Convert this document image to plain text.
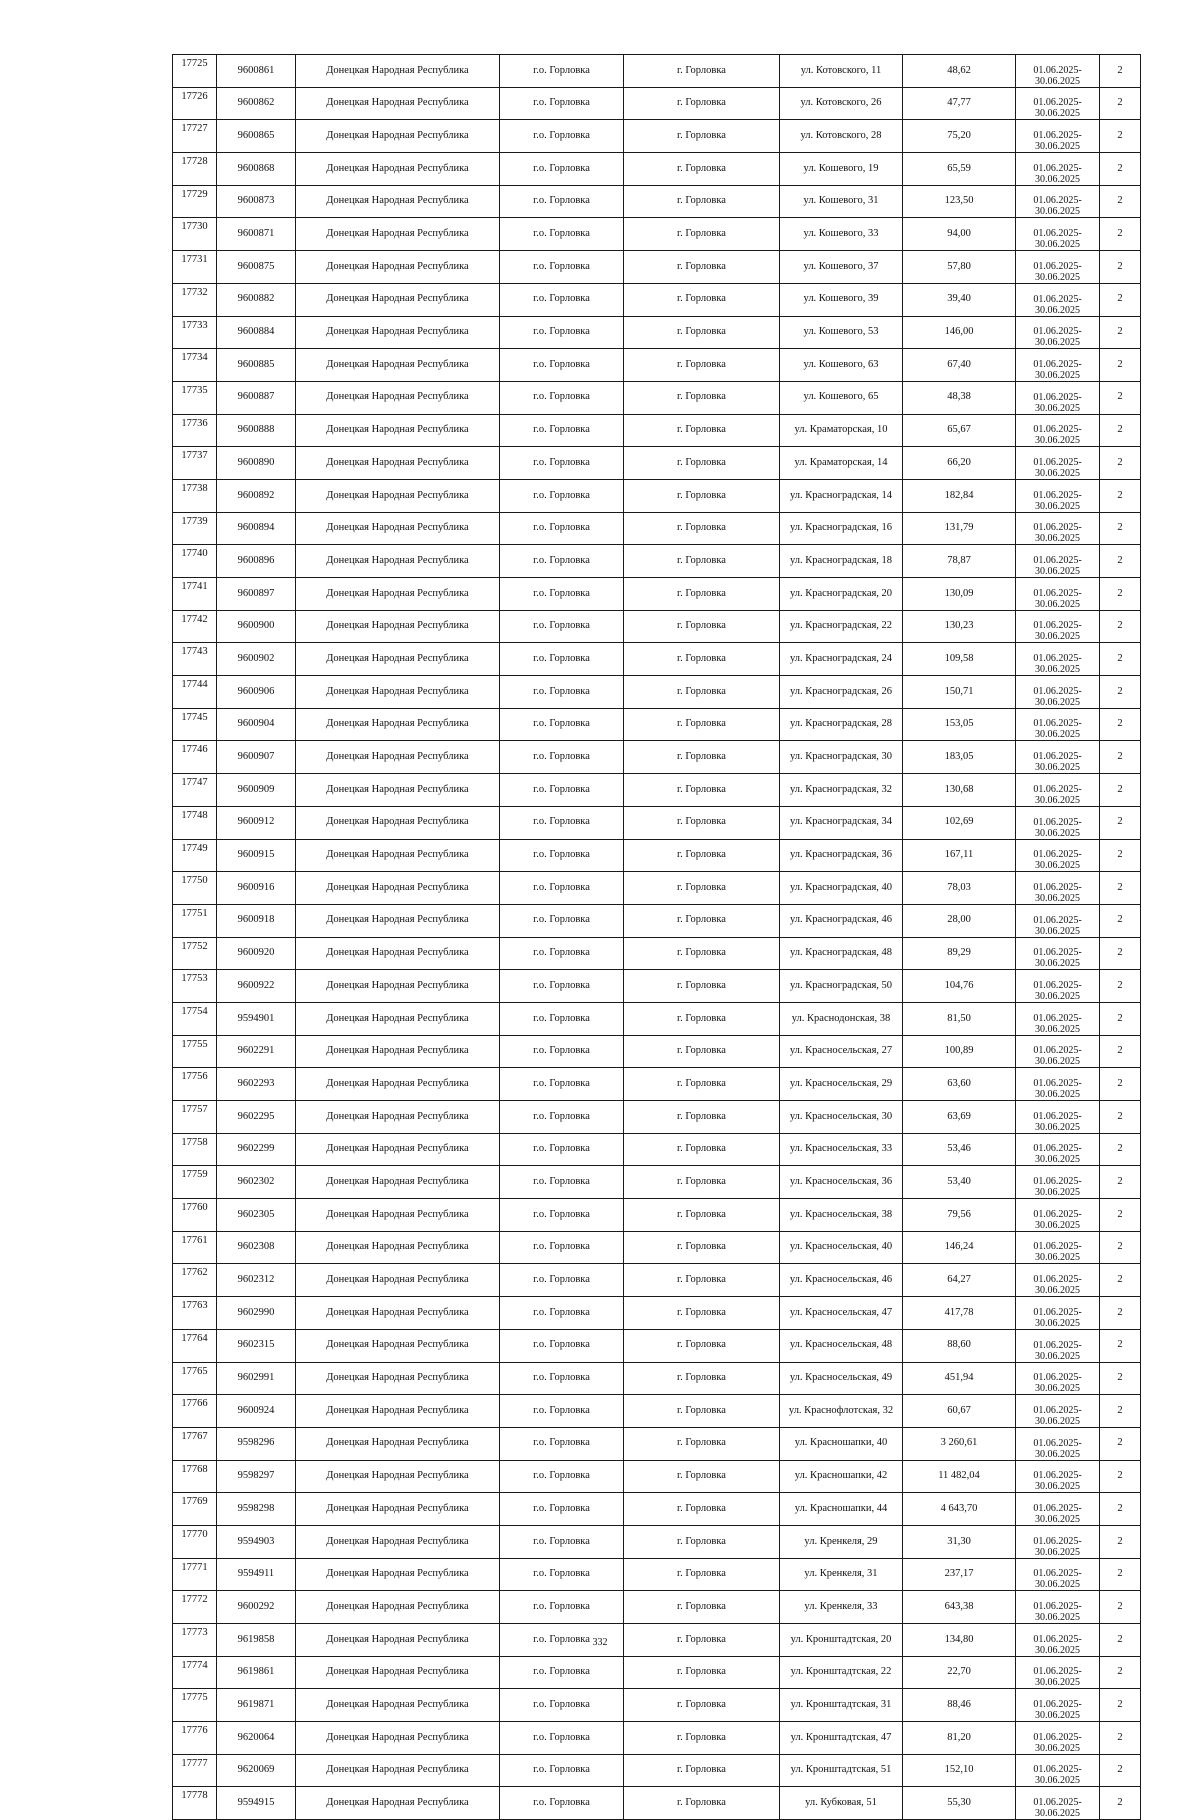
17725	9600861	Донецкая Народная Республика	г.о. Горловка	г. Горловка	ул. Котовского, 11	48,62	01.06.2025-
30.06.2025	2
17726	9600862	Донецкая Народная Республика	г.о. Горловка	г. Горловка	ул. Котовского, 26	47,77	01.06.2025-
30.06.2025	2
17727	9600865	Донецкая Народная Республика	г.о. Горловка	г. Горловка	ул. Котовского, 28	75,20	01.06.2025-
30.06.2025	2
17728	9600868	Донецкая Народная Республика	г.о. Горловка	г. Горловка	ул. Кошевого, 19	65,59	01.06.2025-
30.06.2025	2
17729	9600873	Донецкая Народная Республика	г.о. Горловка	г. Горловка	ул. Кошевого, 31	123,50	01.06.2025-
30.06.2025	2
17730	9600871	Донецкая Народная Республика	г.о. Горловка	г. Горловка	ул. Кошевого, 33	94,00	01.06.2025-
30.06.2025	2
17731	9600875	Донецкая Народная Республика	г.о. Горловка	г. Горловка	ул. Кошевого, 37	57,80	01.06.2025-
30.06.2025	2
17732	9600882	Донецкая Народная Республика	г.о. Горловка	г. Горловка	ул. Кошевого, 39	39,40	01.06.2025-
30.06.2025	2
17733	9600884	Донецкая Народная Республика	г.о. Горловка	г. Горловка	ул. Кошевого, 53	146,00	01.06.2025-
30.06.2025	2
17734	9600885	Донецкая Народная Республика	г.о. Горловка	г. Горловка	ул. Кошевого, 63	67,40	01.06.2025-
30.06.2025	2
17735	9600887	Донецкая Народная Республика	г.о. Горловка	г. Горловка	ул. Кошевого, 65	48,38	01.06.2025-
30.06.2025	2
17736	9600888	Донецкая Народная Республика	г.о. Горловка	г. Горловка	ул. Краматорская, 10	65,67	01.06.2025-
30.06.2025	2
17737	9600890	Донецкая Народная Республика	г.о. Горловка	г. Горловка	ул. Краматорская, 14	66,20	01.06.2025-
30.06.2025	2
17738	9600892	Донецкая Народная Республика	г.о. Горловка	г. Горловка	ул. Красноградская, 14	182,84	01.06.2025-
30.06.2025	2
17739	9600894	Донецкая Народная Республика	г.о. Горловка	г. Горловка	ул. Красноградская, 16	131,79	01.06.2025-
30.06.2025	2
17740	9600896	Донецкая Народная Республика	г.о. Горловка	г. Горловка	ул. Красноградская, 18	78,87	01.06.2025-
30.06.2025	2
17741	9600897	Донецкая Народная Республика	г.о. Горловка	г. Горловка	ул. Красноградская, 20	130,09	01.06.2025-
30.06.2025	2
17742	9600900	Донецкая Народная Республика	г.о. Горловка	г. Горловка	ул. Красноградская, 22	130,23	01.06.2025-
30.06.2025	2
17743	9600902	Донецкая Народная Республика	г.о. Горловка	г. Горловка	ул. Красноградская, 24	109,58	01.06.2025-
30.06.2025	2
17744	9600906	Донецкая Народная Республика	г.о. Горловка	г. Горловка	ул. Красноградская, 26	150,71	01.06.2025-
30.06.2025	2
17745	9600904	Донецкая Народная Республика	г.о. Горловка	г. Горловка	ул. Красноградская, 28	153,05	01.06.2025-
30.06.2025	2
17746	9600907	Донецкая Народная Республика	г.о. Горловка	г. Горловка	ул. Красноградская, 30	183,05	01.06.2025-
30.06.2025	2
17747	9600909	Донецкая Народная Республика	г.о. Горловка	г. Горловка	ул. Красноградская, 32	130,68	01.06.2025-
30.06.2025	2
17748	9600912	Донецкая Народная Республика	г.о. Горловка	г. Горловка	ул. Красноградская, 34	102,69	01.06.2025-
30.06.2025	2
17749	9600915	Донецкая Народная Республика	г.о. Горловка	г. Горловка	ул. Красноградская, 36	167,11	01.06.2025-
30.06.2025	2
17750	9600916	Донецкая Народная Республика	г.о. Горловка	г. Горловка	ул. Красноградская, 40	78,03	01.06.2025-
30.06.2025	2
17751	9600918	Донецкая Народная Республика	г.о. Горловка	г. Горловка	ул. Красноградская, 46	28,00	01.06.2025-
30.06.2025	2
17752	9600920	Донецкая Народная Республика	г.о. Горловка	г. Горловка	ул. Красноградская, 48	89,29	01.06.2025-
30.06.2025	2
17753	9600922	Донецкая Народная Республика	г.о. Горловка	г. Горловка	ул. Красноградская, 50	104,76	01.06.2025-
30.06.2025	2
17754	9594901	Донецкая Народная Республика	г.о. Горловка	г. Горловка	ул. Краснодонская, 38	81,50	01.06.2025-
30.06.2025	2
17755	9602291	Донецкая Народная Республика	г.о. Горловка	г. Горловка	ул. Красносельская, 27	100,89	01.06.2025-
30.06.2025	2
17756	9602293	Донецкая Народная Республика	г.о. Горловка	г. Горловка	ул. Красносельская, 29	63,60	01.06.2025-
30.06.2025	2
17757	9602295	Донецкая Народная Республика	г.о. Горловка	г. Горловка	ул. Красносельская, 30	63,69	01.06.2025-
30.06.2025	2
17758	9602299	Донецкая Народная Республика	г.о. Горловка	г. Горловка	ул. Красносельская, 33	53,46	01.06.2025-
30.06.2025	2
17759	9602302	Донецкая Народная Республика	г.о. Горловка	г. Горловка	ул. Красносельская, 36	53,40	01.06.2025-
30.06.2025	2
17760	9602305	Донецкая Народная Республика	г.о. Горловка	г. Горловка	ул. Красносельская, 38	79,56	01.06.2025-
30.06.2025	2
17761	9602308	Донецкая Народная Республика	г.о. Горловка	г. Горловка	ул. Красносельская, 40	146,24	01.06.2025-
30.06.2025	2
17762	9602312	Донецкая Народная Республика	г.о. Горловка	г. Горловка	ул. Красносельская, 46	64,27	01.06.2025-
30.06.2025	2
17763	9602990	Донецкая Народная Республика	г.о. Горловка	г. Горловка	ул. Красносельская, 47	417,78	01.06.2025-
30.06.2025	2
17764	9602315	Донецкая Народная Республика	г.о. Горловка	г. Горловка	ул. Красносельская, 48	88,60	01.06.2025-
30.06.2025	2
17765	9602991	Донецкая Народная Республика	г.о. Горловка	г. Горловка	ул. Красносельская, 49	451,94	01.06.2025-
30.06.2025	2
17766	9600924	Донецкая Народная Республика	г.о. Горловка	г. Горловка	ул. Краснофлотская, 32	60,67	01.06.2025-
30.06.2025	2
17767	9598296	Донецкая Народная Республика	г.о. Горловка	г. Горловка	ул. Красношапки, 40	3 260,61	01.06.2025-
30.06.2025	2
17768	9598297	Донецкая Народная Республика	г.о. Горловка	г. Горловка	ул. Красношапки, 42	11 482,04	01.06.2025-
30.06.2025	2
17769	9598298	Донецкая Народная Республика	г.о. Горловка	г. Горловка	ул. Красношапки, 44	4 643,70	01.06.2025-
30.06.2025	2
17770	9594903	Донецкая Народная Республика	г.о. Горловка	г. Горловка	ул. Кренкеля, 29	31,30	01.06.2025-
30.06.2025	2
17771	9594911	Донецкая Народная Республика	г.о. Горловка	г. Горловка	ул. Кренкеля, 31	237,17	01.06.2025-
30.06.2025	2
17772	9600292	Донецкая Народная Республика	г.о. Горловка	г. Горловка	ул. Кренкеля, 33	643,38	01.06.2025-
30.06.2025	2
17773	9619858	Донецкая Народная Республика	г.о. Горловка	г. Горловка	ул. Кронштадтская, 20	134,80	01.06.2025-
30.06.2025	2
17774	9619861	Донецкая Народная Республика	г.о. Горловка	г. Горловка	ул. Кронштадтская, 22	22,70	01.06.2025-
30.06.2025	2
17775	9619871	Донецкая Народная Республика	г.о. Горловка	г. Горловка	ул. Кронштадтская, 31	88,46	01.06.2025-
30.06.2025	2
17776	9620064	Донецкая Народная Республика	г.о. Горловка	г. Горловка	ул. Кронштадтская, 47	81,20	01.06.2025-
30.06.2025	2
17777	9620069	Донецкая Народная Республика	г.о. Горловка	г. Горловка	ул. Кронштадтская, 51	152,10	01.06.2025-
30.06.2025	2
17778	9594915	Донецкая Народная Республика	г.о. Горловка	г. Горловка	ул. Кубковая, 51	55,30	01.06.2025-
30.06.2025	2
332
